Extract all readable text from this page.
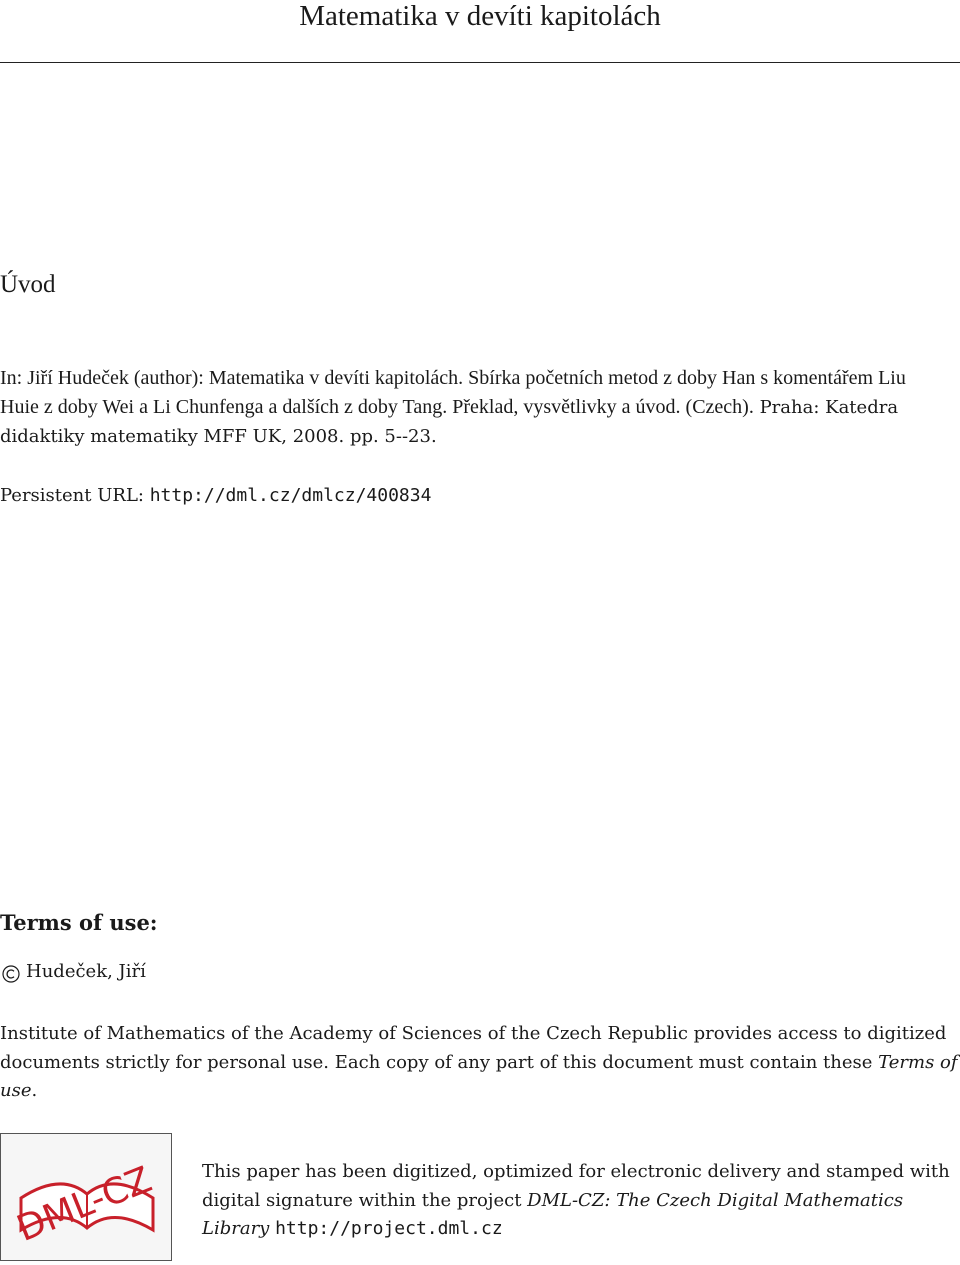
Matematika v devíti kapitolách
Úvod
In: Jiří Hudeček (author): Matematika v devíti kapitolách. Sbírka početních metod z doby Han s komentářem Liu Huie z doby Wei a Li Chunfenga a dalších z doby Tang. Překlad, vysvětlivky a úvod. (Czech). Praha: Katedra didaktiky matematiky MFF UK, 2008. pp. 5--23.
Persistent URL: http://dml.cz/dmlcz/400834
Terms of use:
Hudeček, Jiří
Institute of Mathematics of the Academy of Sciences of the Czech Republic provides access to digitized documents strictly for personal use. Each copy of any part of this document must contain these Terms of use.
DML-CZ This paper has been digitized, optimized for electronic delivery and stamped with digital signature within the project DML-CZ: The Czech Digital Mathematics Library http://project.dml.cz
